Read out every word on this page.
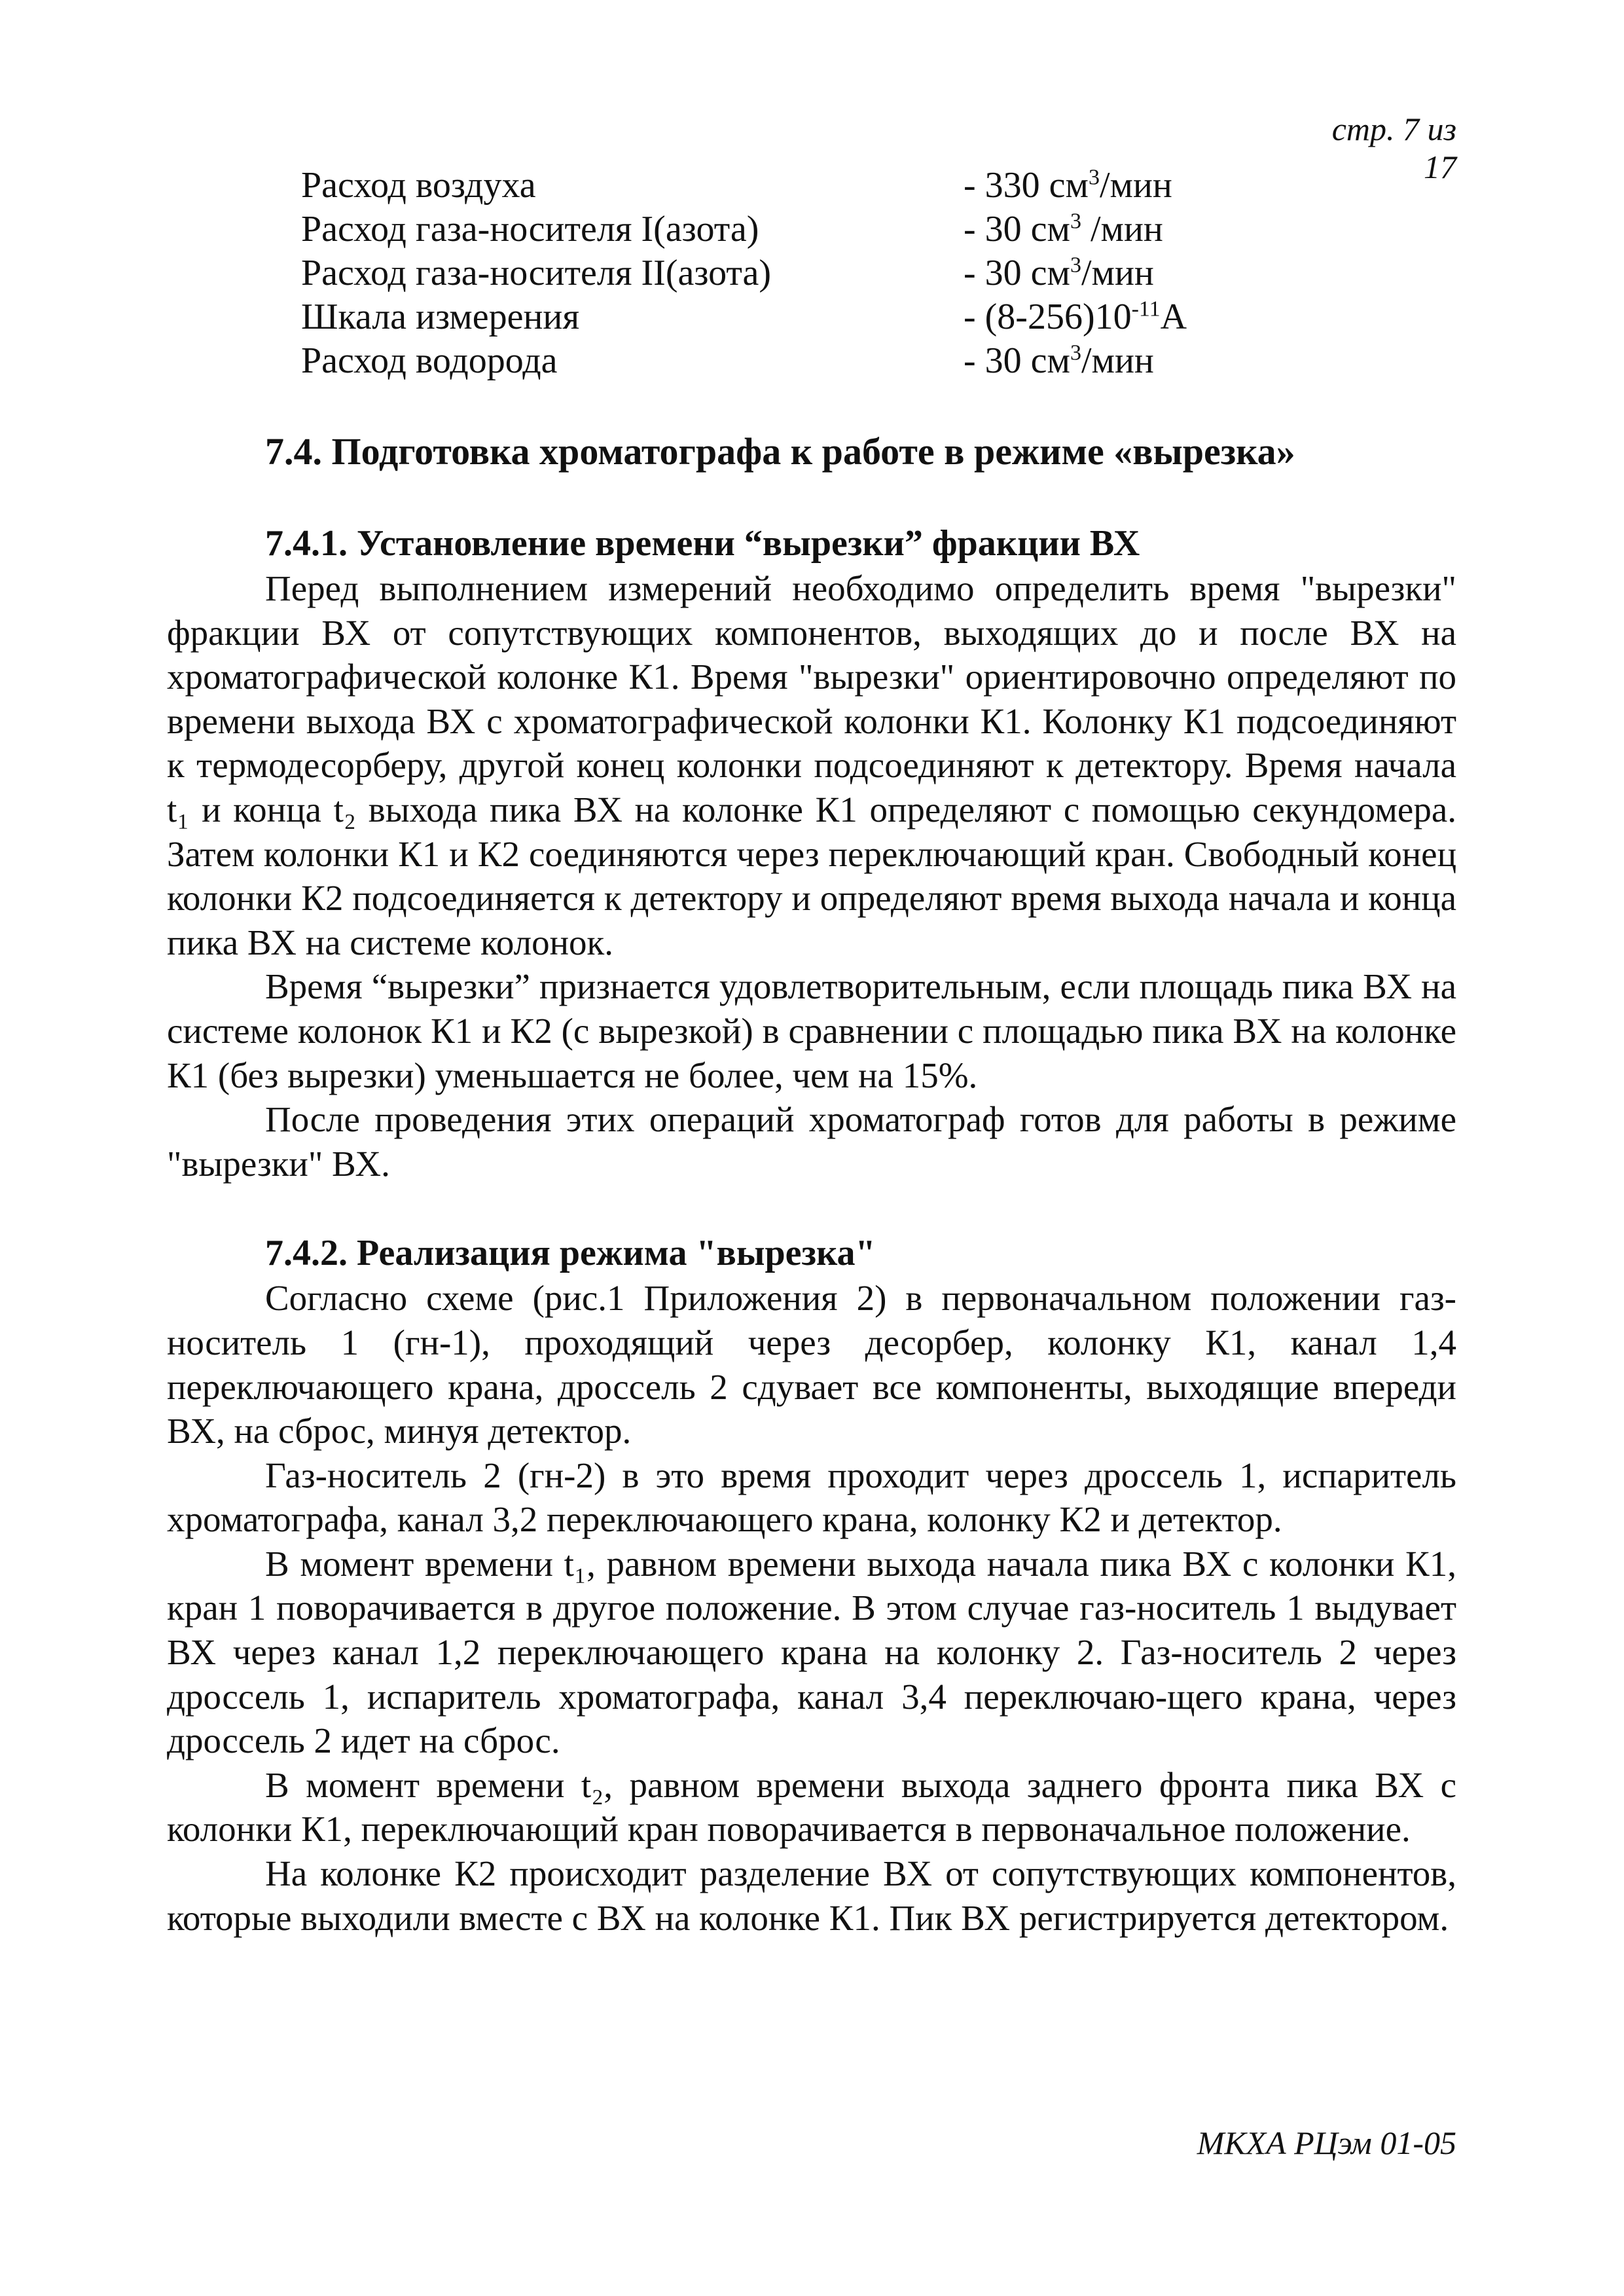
стр. 7 из 17
Расход воздуха	- 330 $см^3$/мин
Расход газа-носителя I(азота)	- 30 $см^3$ /мин
Расход газа-носителя II(азота)	- 30 $см^3$/мин
Шкала измерения	- $(8-256)10^{-11}А$
Расход водорода	- 30 $см^3$/мин
7.4. Подготовка хроматографа к работе в режиме «вырезка»
7.4.1. Установление времени “вырезки” фракции ВХ

Перед выполнением измерений необходимо определить время "вырезки" фракции ВХ от сопутствующих компонентов, выходящих до и после ВХ на хроматографической колонке К1. Время "вырезки" ориентировочно определяют по времени выхода ВХ с хроматографической колонки К1. Колонку К1 подсоединяют к термодесорберу, другой конец колонки подсоединяют к детектору. Время начала t₁ и конца t₂ выхода пика ВХ на колонке К1 определяют с помощью секундомера. Затем колонки К1 и К2 соединяются через переключающий кран. Свободный конец колонки К2 подсоединяется к детектору и определяют время выхода начала и конца пика ВХ на системе колонок.

Время “вырезки” признается удовлетворительным, если площадь пика ВХ на системе колонок К1 и К2 (с вырезкой) в сравнении с площадью пика ВХ на колонке К1 (без вырезки) уменьшается не более, чем на 15%.

После проведения этих операций хроматограф готов для работы в режиме "вырезки" ВХ.

7.4.2. Реализация режима "вырезка"

Согласно схеме (рис.1 Приложения 2) в первоначальном положении газ-носитель 1 (гн-1), проходящий через десорбер, колонку К1, канал 1,4 переключающего крана, дроссель 2 сдувает все компоненты, выходящие впереди ВХ, на сброс, минуя детектор.

Газ-носитель 2 (гн-2) в это время проходит через дроссель 1, испаритель хроматографа, канал 3,2 переключающего крана, колонку К2 и детектор.

В момент времени t₁, равном времени выхода начала пика ВХ с колонки К1, кран 1 поворачивается в другое положение. В этом случае газ-носитель 1 выдувает ВХ через канал 1,2 переключающего крана на колонку 2. Газ-носитель 2 через дроссель 1, испаритель хроматографа, канал 3,4 переключаю-щего крана, через дроссель 2 идет на сброс.

В момент времени t₂, равном времени выхода заднего фронта пика ВХ с колонки К1, переключающий кран поворачивается в первоначальное положение.

На колонке К2 происходит разделение ВХ от сопутствующих компонентов, которые выходили вместе с ВХ на колонке К1. Пик ВХ регистрируется детектором.

МКХА РЦэм 01-05
